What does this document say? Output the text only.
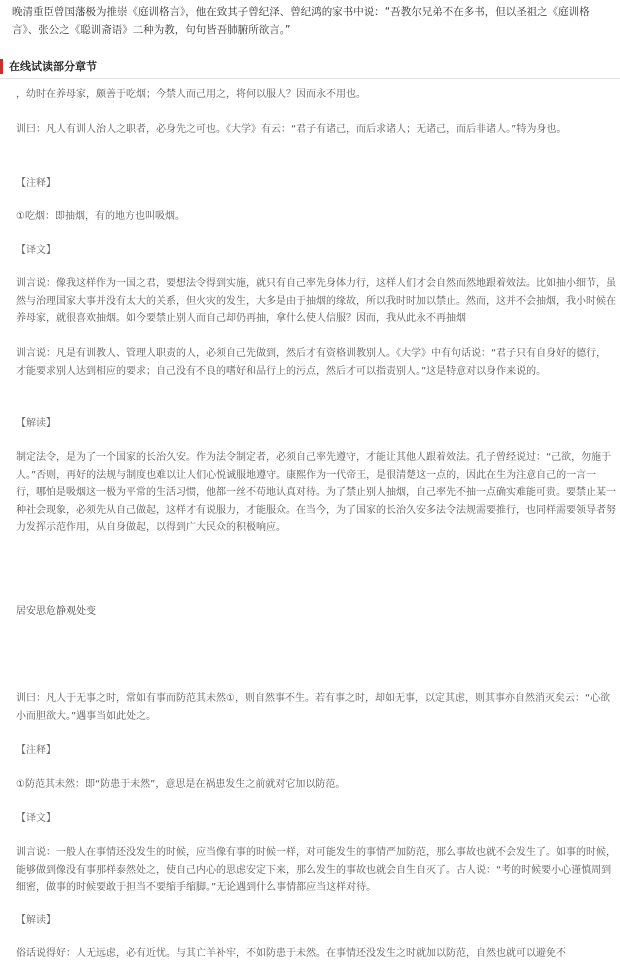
晚清重臣曾国藩极为推崇《庭训格言》，他在致其子曾纪泽、曾纪鸿的家书中说：“吾教尔兄弟不在多书，但以圣祖之《庭训格言》、张公之《聪训斋语》二种为教，句句皆吾肺腑所欲言。”

在线试读部分章节

，幼时在养母家，颇善于吃烟；今禁人而己用之，将何以服人？因而永不用也。

训曰：凡人有训人治人之职者，必身先之可也。《大学》有云：“君子有诸己，而后求诸人；无诸己，而后非诸人。”特为身也。

【注释】

①吃烟：即抽烟，有的地方也叫吸烟。

【译文】

训言说：像我这样作为一国之君，要想法令得到实施，就只有自己率先身体力行，这样人们才会自然而然地跟着效法。比如抽小细节，虽然与治理国家大事并没有太大的关系，但火灾的发生，大多是由于抽烟的缘故，所以我时时加以禁止。然而，这并不会抽烟，我小时候在养母家，就很喜欢抽烟。如今要禁止别人而自己却仍再抽，拿什么使人信服？因而，我从此永不再抽烟

训言说：凡是有训教人、管理人职责的人，必须自己先做到，然后才有资格训教别人。《大学》中有句话说：“君子只有自身好的德行，才能要求别人达到相应的要求；自己没有不良的嗜好和品行上的污点，然后才可以指责别人。”这是特意对以身作来说的。

【解读】

制定法令，是为了一个国家的长治久安。作为法令制定者，必须自己率先遵守，才能让其他人跟着效法。孔子曾经说过：“己欲，勿施于人。”否则，再好的法规与制度也难以让人们心悦诚服地遵守。康熙作为一代帝王，是很清楚这一点的，因此在生为注意自己的一言一行，哪怕是吸烟这一极为平常的生活习惯，他都一丝不苟地认真对待。为了禁止别人抽烟，自己率先不抽一点确实难能可贵。要禁止某一种社会现象，必须先从自己做起，这样才有说服力，才能服众。在当今，为了国家的长治久安多法令法规需要推行，也同样需要领导者努力发挥示范作用，从自身做起，以得到广大民众的积极响应。

居安思危静观处变

训曰：凡人于无事之时，常如有事而防范其未然①，则自然事不生。若有事之时，却如无事，以定其虑，则其事亦自然消灭矣云：“心欲小而胆欲大。”遇事当如此处之。

【注释】

①防范其未然：即“防患于未然”，意思是在祸患发生之前就对它加以防范。

【译文】

训言说：一般人在事情还没发生的时候，应当像有事的时候一样，对可能发生的事情严加防范，那么事故也就不会发生了。如事的时候，能够做到像没有事那样泰然处之，使自己内心的思虑安定下来，那么发生的事故也就会自生自灭了。古人说：“考的时候要小心谨慎周到细密，做事的时候要敢于担当不要缩手缩脚。”无论遇到什么事情都应当这样对待。

【解读】

俗话说得好：人无远虑，必有近忧。与其亡羊补牢，不如防患于未然。在事情还没发生之时就加以防范，自然也就可以避免不
